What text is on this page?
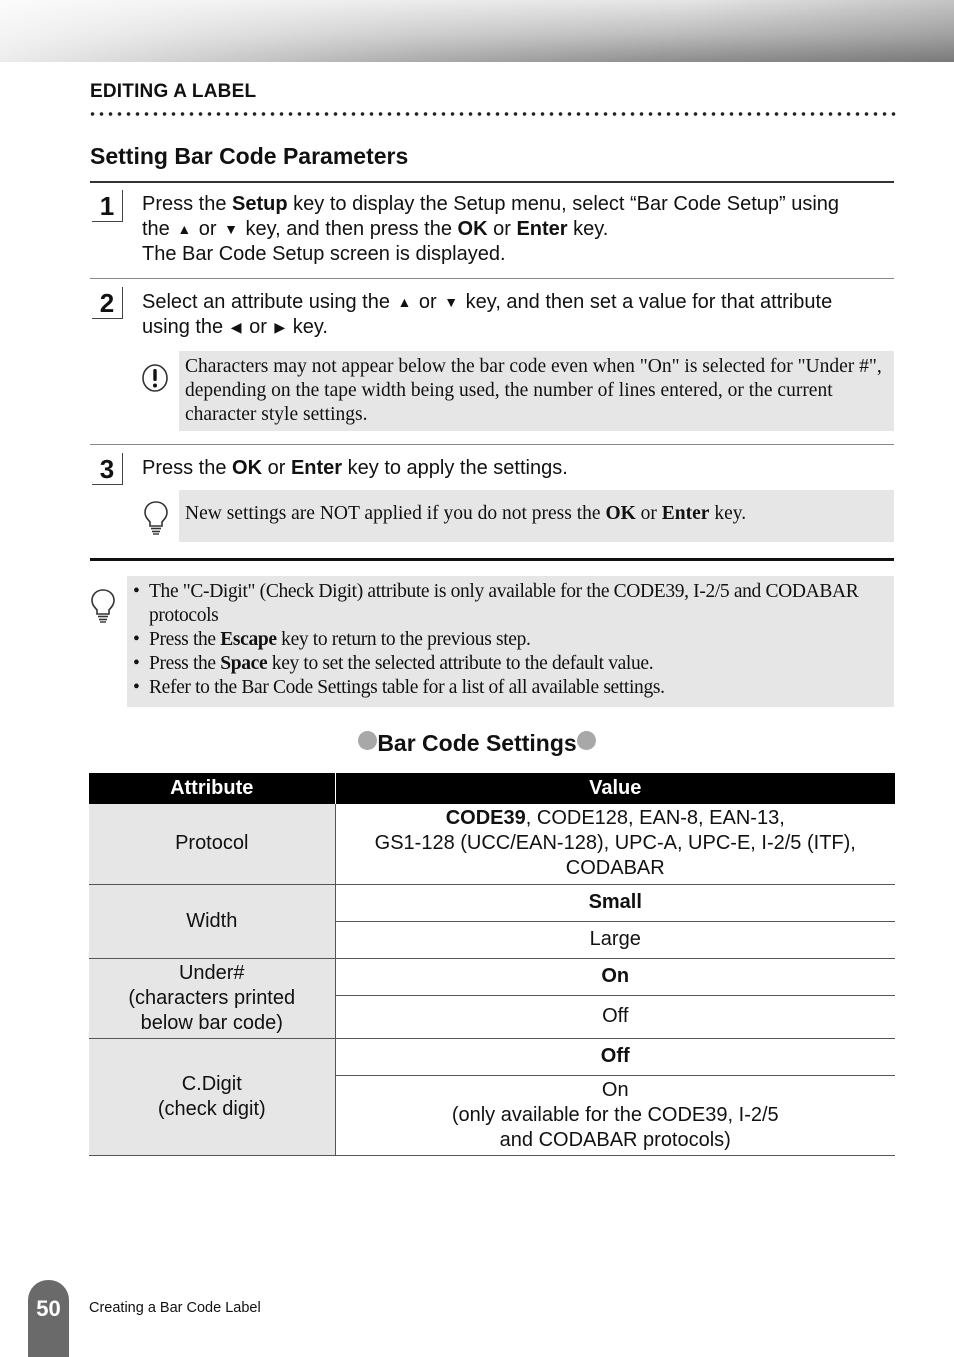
EDITING A LABEL
Setting Bar Code Parameters
1	Press the Setup key to display the Setup menu, select “Bar Code Setup” using
the ▲ or ▼ key, and then press the OK or Enter key.
The Bar Code Setup screen is displayed.
2	Select an attribute using the ▲ or ▼ key, and then set a value for that attribute
using the ◀ or ▶ key.
Characters may not appear below the bar code even when "On" is selected for "Under #", depending on the tape width being used, the number of lines entered, or the current character style settings.
3	Press the OK or Enter key to apply the settings.
New settings are NOT applied if you do not press the OK or Enter key.
• The "C-Digit" (Check Digit) attribute is only available for the CODE39, I-2/5 and CODABAR protocols
• Press the Escape key to return to the previous step.
• Press the Space key to set the selected attribute to the default value.
• Refer to the Bar Code Settings table for a list of all available settings.
Bar Code Settings
Attribute	Value
Protocol	CODE39, CODE128, EAN-8, EAN-13,
GS1-128 (UCC/EAN-128), UPC-A, UPC-E, I-2/5 (ITF),
CODABAR

Width	Small
	Large

Under#
(characters printed
below bar code)	On
	Off

C.Digit
(check digit)	Off

	On
(only available for the CODE39, I-2/5
and CODABAR protocols)
50	Creating a Bar Code Label
